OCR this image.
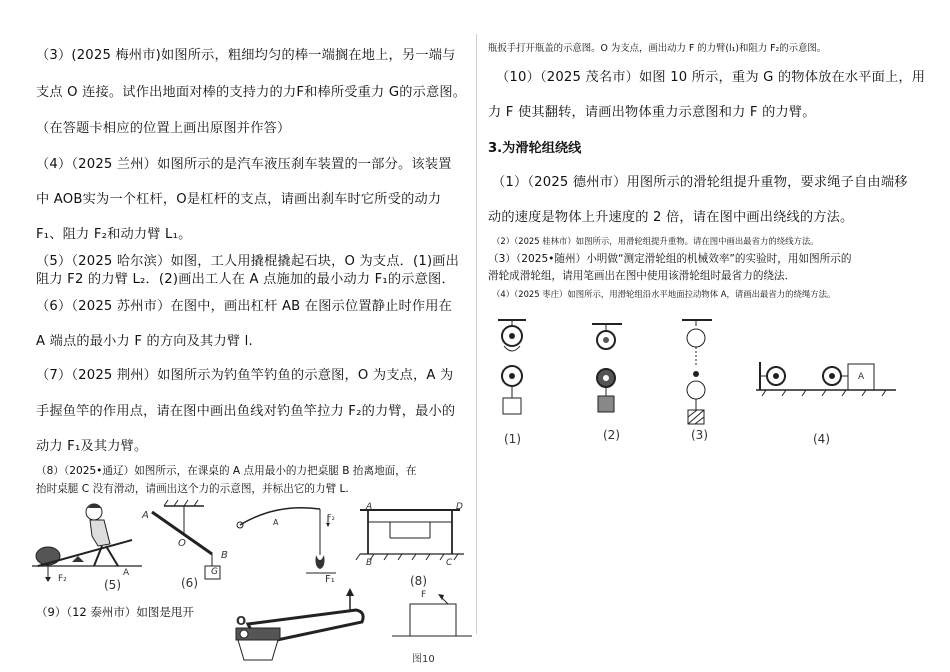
（3）(2025 梅州市)如图所示，粗细均匀的棒一端搁在地上，另一端与
支点 O 连接。试作出地面对棒的支持力的力F和棒所受重力 G的示意图。
（在答题卡相应的位置上画出原图并作答）
（4）（2025 兰州）如图所示的是汽车液压刹车装置的一部分。该装置
中 AOB实为一个杠杆，O是杠杆的支点，请画出刹车时它所受的动力
F₁、阻力 F₂和动力臂 L₁。
（5）（2025 哈尔滨）如图，工人用撬棍撬起石块，O 为支点．(1)画出
阻力 F2 的力臂 L₂．(2)画出工人在 A 点施加的最小动力 F₁的示意图．
（6）（2025 苏州市）在图中，画出杠杆 AB 在图示位置静止时作用在
A 端点的最小力 F 的方向及其力臂 l.
（7）（2025 荆州）如图所示为钓鱼竿钓鱼的示意图，O 为支点，A 为
手握鱼竿的作用点，请在图中画出鱼线对钓鱼竿拉力 F₂的力臂，最小的
动力 F₁及其力臂。
（8）（2025•通辽）如图所示，在课桌的 A 点用最小的力把桌腿 B 抬离地面，在
抬时桌腿 C 没有滑动，请画出这个力的示意图，并标出它的力臂 L.
（9）（12 泰州市）如图是甩开
F₂
A
(5)
A
O
B
G
(6)
A
F₂
A	D
B	C
(8)
F₁
O
F
图10
瓶扳手打开瓶盖的示意图。O 为支点，画出动力 F 的力臂(l₁)和阻力 F₂的示意图。
（10）（2025 茂名市）如图 10 所示，重为 G 的物体放在水平面上，用
力 F 使其翻转，请画出物体重力示意图和力 F 的力臂。
3.为滑轮组绕线
（1）（2025 德州市）用图所示的滑轮组提升重物，要求绳子自由端移
动的速度是物体上升速度的 2 倍，请在图中画出绕线的方法。
（2）（2025 桂林市）如图所示，用滑轮组提升重物。请在图中画出最省力的绕线方法。
（3）（2025•随州）小明做“测定滑轮组的机械效率”的实验时，用如图所示的
滑轮成滑轮组，请用笔画出在图中使用该滑轮组时最省力的绕法．
（4）（2025 枣庄）如图所示，用滑轮组沿水平地面拉动物体 A，请画出最省力的绕绳方法。
(1)	(2)	(3)
A
(4)
